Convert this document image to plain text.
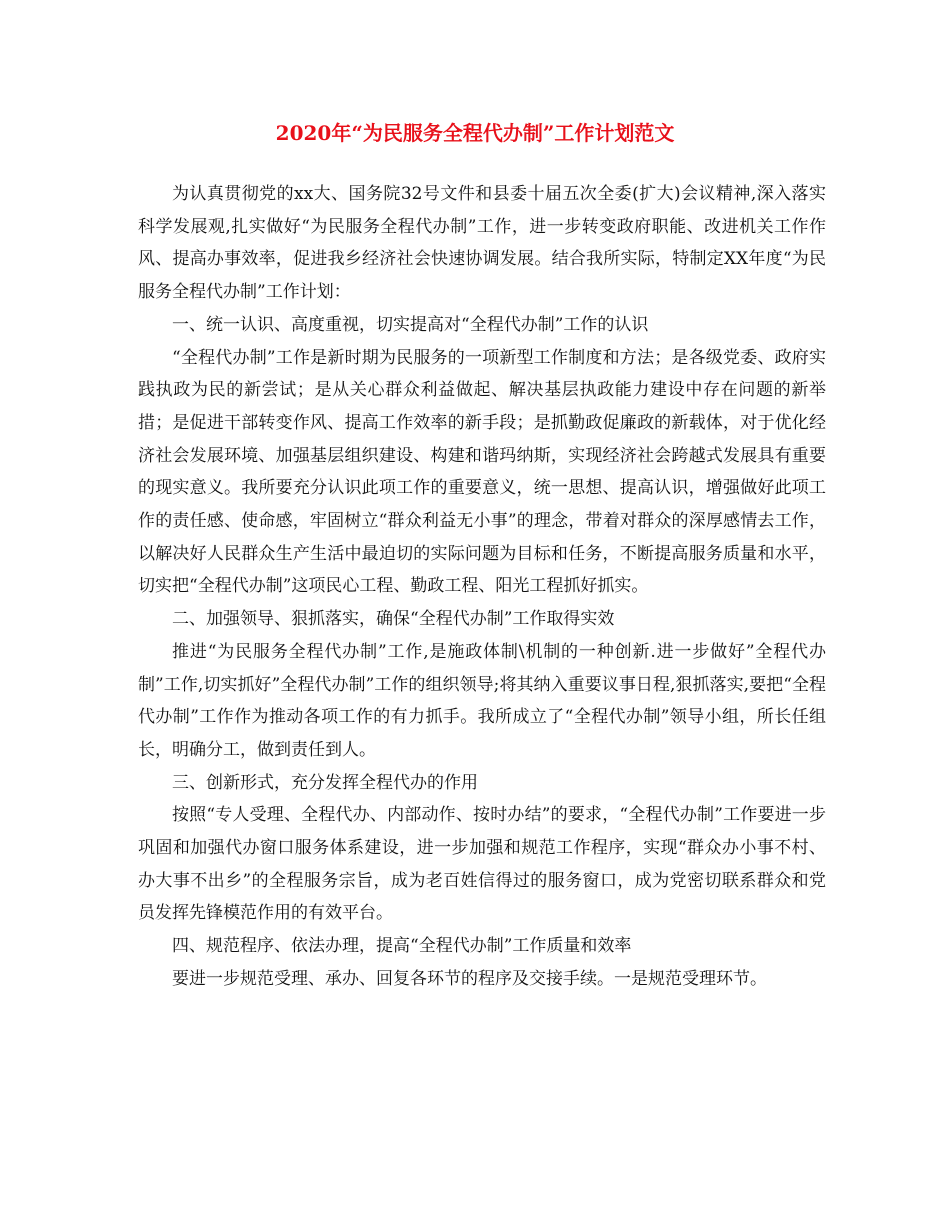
2020年“为民服务全程代办制”工作计划范文

为认真贯彻党的xx大、国务院32号文件和县委十届五次全委(扩大)会议精神,深入落实科学发展观,扎实做好“为民服务全程代办制”工作，进一步转变政府职能、改进机关工作作风、提高办事效率，促进我乡经济社会快速协调发展。结合我所实际，特制定XX年度“为民服务全程代办制”工作计划：

一、统一认识、高度重视，切实提高对“全程代办制”工作的认识

“全程代办制”工作是新时期为民服务的一项新型工作制度和方法；是各级党委、政府实践执政为民的新尝试；是从关心群众利益做起、解决基层执政能力建设中存在问题的新举措；是促进干部转变作风、提高工作效率的新手段；是抓勤政促廉政的新载体，对于优化经济社会发展环境、加强基层组织建设、构建和谐玛纳斯，实现经济社会跨越式发展具有重要的现实意义。我所要充分认识此项工作的重要意义，统一思想、提高认识，增强做好此项工作的责任感、使命感，牢固树立“群众利益无小事”的理念，带着对群众的深厚感情去工作，以解决好人民群众生产生活中最迫切的实际问题为目标和任务，不断提高服务质量和水平，切实把“全程代办制”这项民心工程、勤政工程、阳光工程抓好抓实。

二、加强领导、狠抓落实，确保“全程代办制”工作取得实效

推进“为民服务全程代办制”工作,是施政体制\机制的一种创新.进一步做好”全程代办制”工作,切实抓好”全程代办制”工作的组织领导;将其纳入重要议事日程,狠抓落实,要把“全程代办制”工作作为推动各项工作的有力抓手。我所成立了“全程代办制”领导小组，所长任组长，明确分工，做到责任到人。

三、创新形式，充分发挥全程代办的作用

按照“专人受理、全程代办、内部动作、按时办结”的要求，“全程代办制”工作要进一步巩固和加强代办窗口服务体系建设，进一步加强和规范工作程序，实现“群众办小事不村、办大事不出乡”的全程服务宗旨，成为老百姓信得过的服务窗口，成为党密切联系群众和党员发挥先锋模范作用的有效平台。

四、规范程序、依法办理，提高“全程代办制”工作质量和效率

要进一步规范受理、承办、回复各环节的程序及交接手续。一是规范受理环节。
